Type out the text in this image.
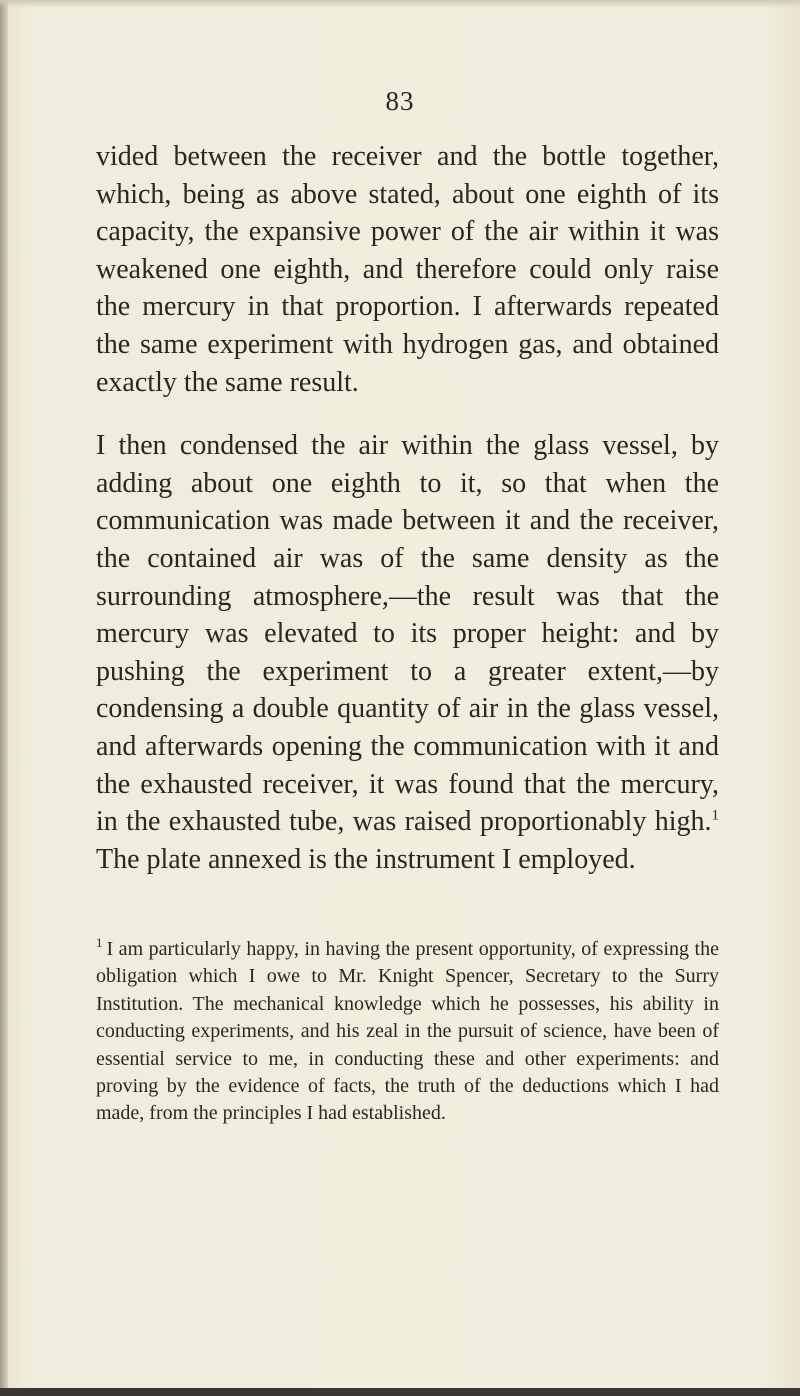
83

vided between the receiver and the bottle together, which, being as above stated, about one eighth of its capacity, the expansive power of the air within it was weakened one eighth, and therefore could only raise the mercury in that proportion. I afterwards repeated the same experiment with hydrogen gas, and obtained exactly the same result.

I then condensed the air within the glass vessel, by adding about one eighth to it, so that when the communication was made between it and the receiver, the contained air was of the same density as the surrounding atmosphere,—the result was that the mercury was elevated to its proper height: and by pushing the experiment to a greater extent,—by condensing a double quantity of air in the glass vessel, and afterwards opening the communication with it and the exhausted receiver, it was found that the mercury, in the exhausted tube, was raised proportionably high.$^1$ The plate annexed is the instrument I employed.

$^1$ I am particularly happy, in having the present opportunity, of expressing the obligation which I owe to Mr. Knight Spencer, Secretary to the Surry Institution. The mechanical knowledge which he possesses, his ability in conducting experiments, and his zeal in the pursuit of science, have been of essential service to me, in conducting these and other experiments: and proving by the evidence of facts, the truth of the deductions which I had made, from the principles I had established.
